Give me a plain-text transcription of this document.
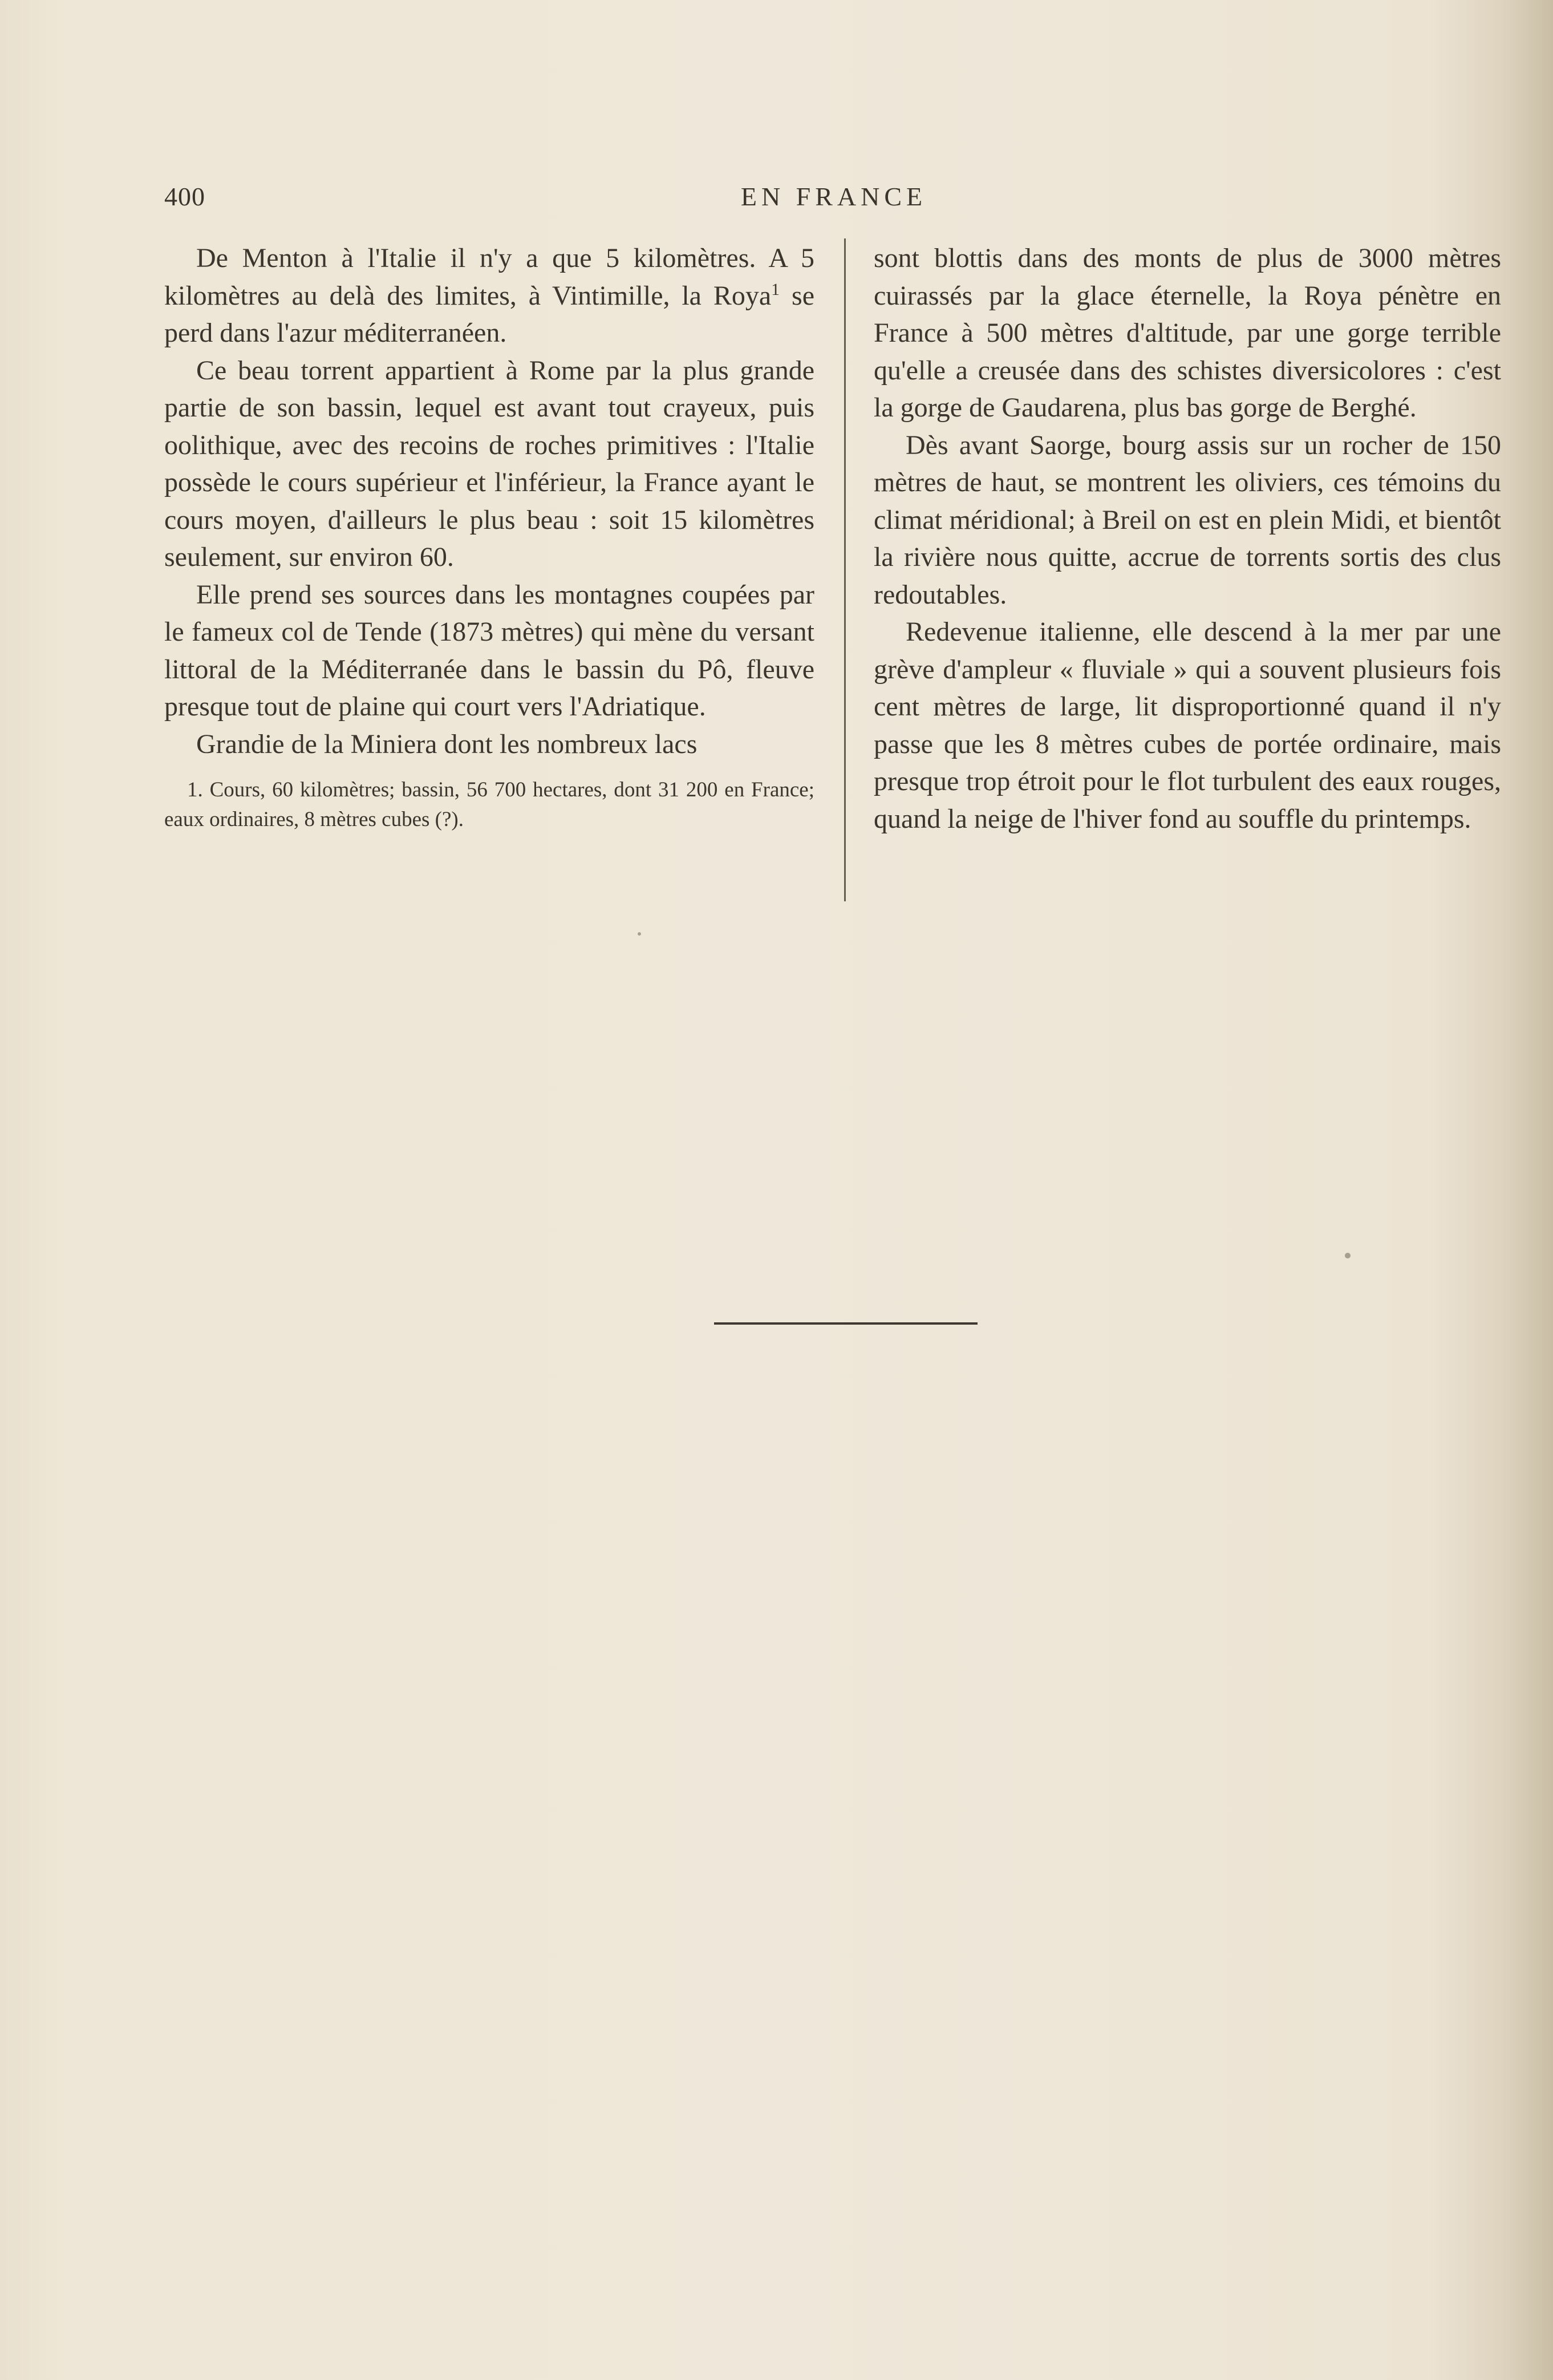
400	EN FRANCE

De Menton à l'Italie il n'y a que 5 kilomètres. A 5 kilomètres au delà des limites, à Vintimille, la Roya$^1$ se perd dans l'azur méditerranéen.

Ce beau torrent appartient à Rome par la plus grande partie de son bassin, lequel est avant tout crayeux, puis oolithique, avec des recoins de roches primitives : l'Italie possède le cours supérieur et l'inférieur, la France ayant le cours moyen, d'ailleurs le plus beau : soit 15 kilomètres seulement, sur environ 60.

Elle prend ses sources dans les montagnes coupées par le fameux col de Tende (1873 mètres) qui mène du versant littoral de la Méditerranée dans le bassin du Pô, fleuve presque tout de plaine qui court vers l'Adriatique.

Grandie de la Miniera dont les nombreux lacs

1. Cours, 60 kilomètres; bassin, 56 700 hectares, dont 31 200 en France; eaux ordinaires, 8 mètres cubes (?).

sont blottis dans des monts de plus de 3000 mètres cuirassés par la glace éternelle, la Roya pénètre en France à 500 mètres d'altitude, par une gorge terrible qu'elle a creusée dans des schistes diversicolores : c'est la gorge de Gaudarena, plus bas gorge de Berghé.

Dès avant Saorge, bourg assis sur un rocher de 150 mètres de haut, se montrent les oliviers, ces témoins du climat méridional; à Breil on est en plein Midi, et bientôt la rivière nous quitte, accrue de torrents sortis des clus redoutables.

Redevenue italienne, elle descend à la mer par une grève d'ampleur « fluviale » qui a souvent plusieurs fois cent mètres de large, lit disproportionné quand il n'y passe que les 8 mètres cubes de portée ordinaire, mais presque trop étroit pour le flot turbulent des eaux rouges, quand la neige de l'hiver fond au souffle du printemps.
